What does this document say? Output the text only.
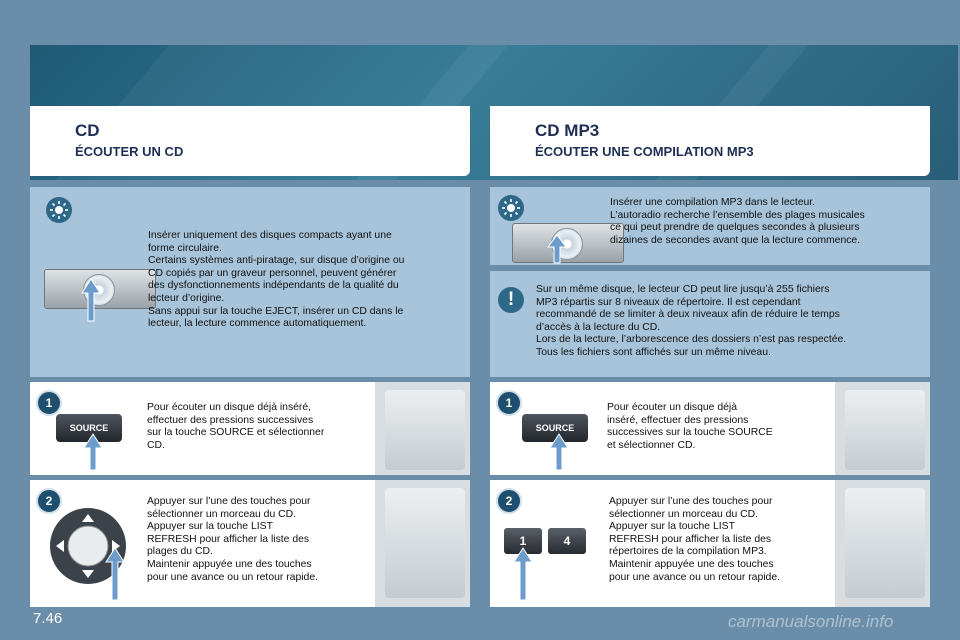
CD
ÉCOUTER UN CD
CD MP3
ÉCOUTER UNE COMPILATION MP3
Insérer uniquement des disques compacts ayant une
forme circulaire.
Certains systèmes anti-piratage, sur disque d’origine ou
CD copiés par un graveur personnel, peuvent générer
des dysfonctionnements indépendants de la qualité du
lecteur d’origine.
Sans appui sur la touche EJECT, insérer un CD dans le
lecteur, la lecture commence automatiquement.
1
SOURCE
Pour écouter un disque déjà inséré,
effectuer des pressions successives
sur la touche SOURCE et sélectionner
CD.
2	Appuyer sur l’une des touches pour
sélectionner un morceau du CD.
Appuyer sur la touche LIST
REFRESH pour afficher la liste des
plages du CD.
Maintenir appuyée une des touches
pour une avance ou un retour rapide.
Insérer une compilation MP3 dans le lecteur.
L’autoradio recherche l’ensemble des plages musicales
ce qui peut prendre de quelques secondes à plusieurs
dizaines de secondes avant que la lecture commence.
!	Sur un même disque, le lecteur CD peut lire jusqu’à 255 fichiers
MP3 répartis sur 8 niveaux de répertoire. Il est cependant
recommandé de se limiter à deux niveaux afin de réduire le temps
d’accès à la lecture du CD.
Lors de la lecture, l’arborescence des dossiers n’est pas respectée.
Tous les fichiers sont affichés sur un même niveau.
1
SOURCE
Pour écouter un disque déjà
inséré, effectuer des pressions
successives sur la touche SOURCE
et sélectionner CD.
2
1	4
Appuyer sur l’une des touches pour
sélectionner un morceau du CD.
Appuyer sur la touche LIST
REFRESH pour afficher la liste des
répertoires de la compilation MP3.
Maintenir appuyée une des touches
pour une avance ou un retour rapide.
7.46	carmanualsonline.info
